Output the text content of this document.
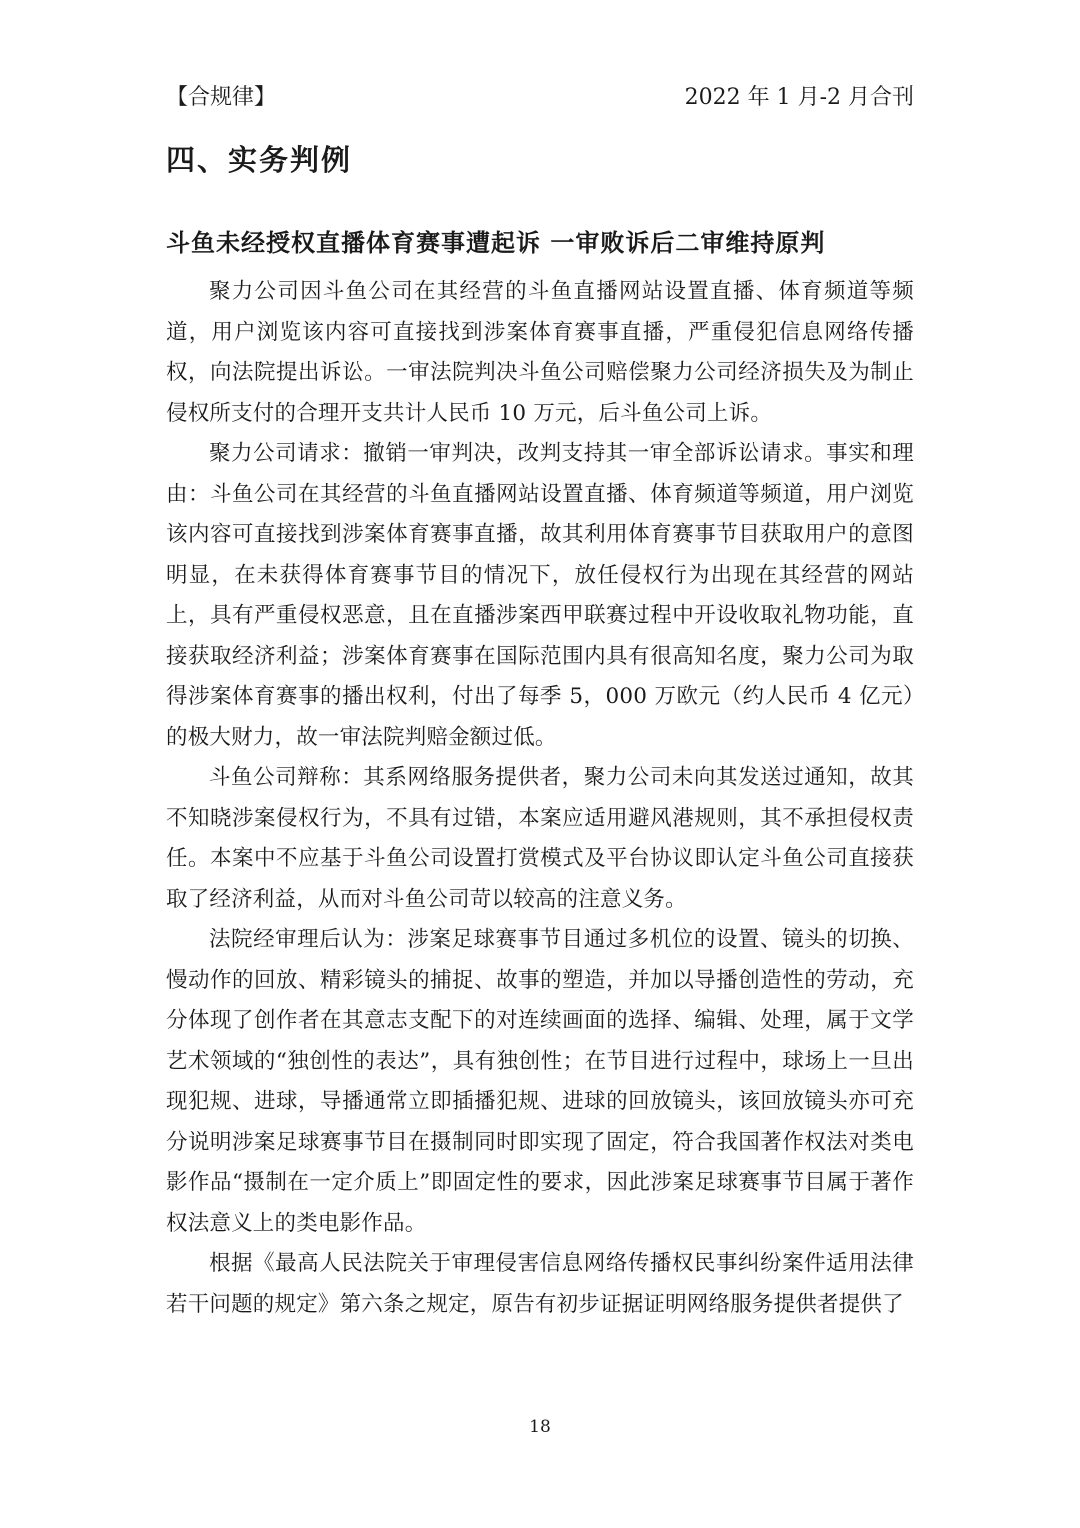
【合规律】	2022 年 1 月-2 月合刊
四、实务判例
斗鱼未经授权直播体育赛事遭起诉 一审败诉后二审维持原判

聚力公司因斗鱼公司在其经营的斗鱼直播网站设置直播、体育频道等频道，用户浏览该内容可直接找到涉案体育赛事直播，严重侵犯信息网络传播权，向法院提出诉讼。一审法院判决斗鱼公司赔偿聚力公司经济损失及为制止侵权所支付的合理开支共计人民币 10 万元，后斗鱼公司上诉。

聚力公司请求：撤销一审判决，改判支持其一审全部诉讼请求。事实和理由：斗鱼公司在其经营的斗鱼直播网站设置直播、体育频道等频道，用户浏览该内容可直接找到涉案体育赛事直播，故其利用体育赛事节目获取用户的意图明显，在未获得体育赛事节目的情况下，放任侵权行为出现在其经营的网站上，具有严重侵权恶意，且在直播涉案西甲联赛过程中开设收取礼物功能，直接获取经济利益；涉案体育赛事在国际范围内具有很高知名度，聚力公司为取得涉案体育赛事的播出权利，付出了每季 5，000 万欧元（约人民币 4 亿元）的极大财力，故一审法院判赔金额过低。

斗鱼公司辩称：其系网络服务提供者，聚力公司未向其发送过通知，故其不知晓涉案侵权行为，不具有过错，本案应适用避风港规则，其不承担侵权责任。本案中不应基于斗鱼公司设置打赏模式及平台协议即认定斗鱼公司直接获取了经济利益，从而对斗鱼公司苛以较高的注意义务。

法院经审理后认为：涉案足球赛事节目通过多机位的设置、镜头的切换、慢动作的回放、精彩镜头的捕捉、故事的塑造，并加以导播创造性的劳动，充分体现了创作者在其意志支配下的对连续画面的选择、编辑、处理，属于文学艺术领域的“独创性的表达”，具有独创性；在节目进行过程中，球场上一旦出现犯规、进球，导播通常立即插播犯规、进球的回放镜头，该回放镜头亦可充分说明涉案足球赛事节目在摄制同时即实现了固定，符合我国著作权法对类电影作品“摄制在一定介质上”即固定性的要求，因此涉案足球赛事节目属于著作权法意义上的类电影作品。

根据《最高人民法院关于审理侵害信息网络传播权民事纠纷案件适用法律若干问题的规定》第六条之规定，原告有初步证据证明网络服务提供者提供了

18
